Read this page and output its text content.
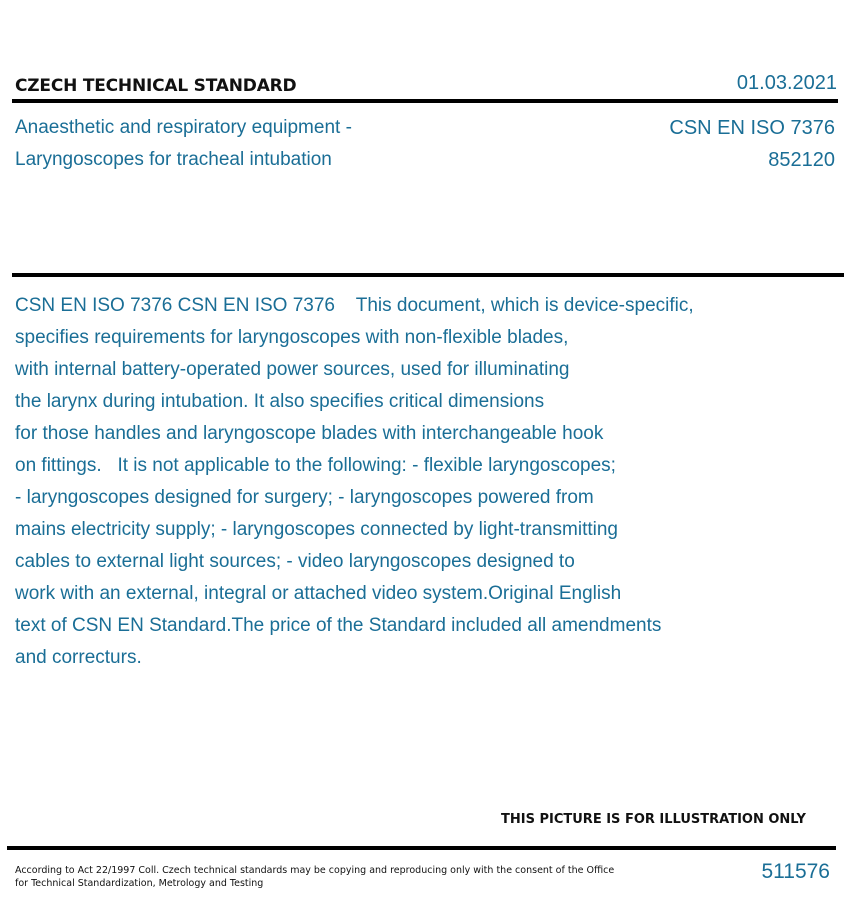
CZECH TECHNICAL STANDARD	01.03.2021
Anaesthetic and respiratory equipment -
Laryngoscopes for tracheal intubation
CSN EN ISO 7376
852120
CSN EN ISO 7376 CSN EN ISO 7376    This document, which is device-specific,
specifies requirements for laryngoscopes with non-flexible blades,
with internal battery-operated power sources, used for illuminating
the larynx during intubation. It also specifies critical dimensions
for those handles and laryngoscope blades with interchangeable hook
on fittings.   It is not applicable to the following: - flexible laryngoscopes;
- laryngoscopes designed for surgery; - laryngoscopes powered from
mains electricity supply; - laryngoscopes connected by light-transmitting
cables to external light sources; - video laryngoscopes designed to
work with an external, integral or attached video system.Original English
text of CSN EN Standard.The price of the Standard included all amendments
and correcturs.
THIS PICTURE IS FOR ILLUSTRATION ONLY
According to Act 22/1997 Coll. Czech technical standards may be copying and reproducing only with the consent of the Office
for Technical Standardization, Metrology and Testing
511576
